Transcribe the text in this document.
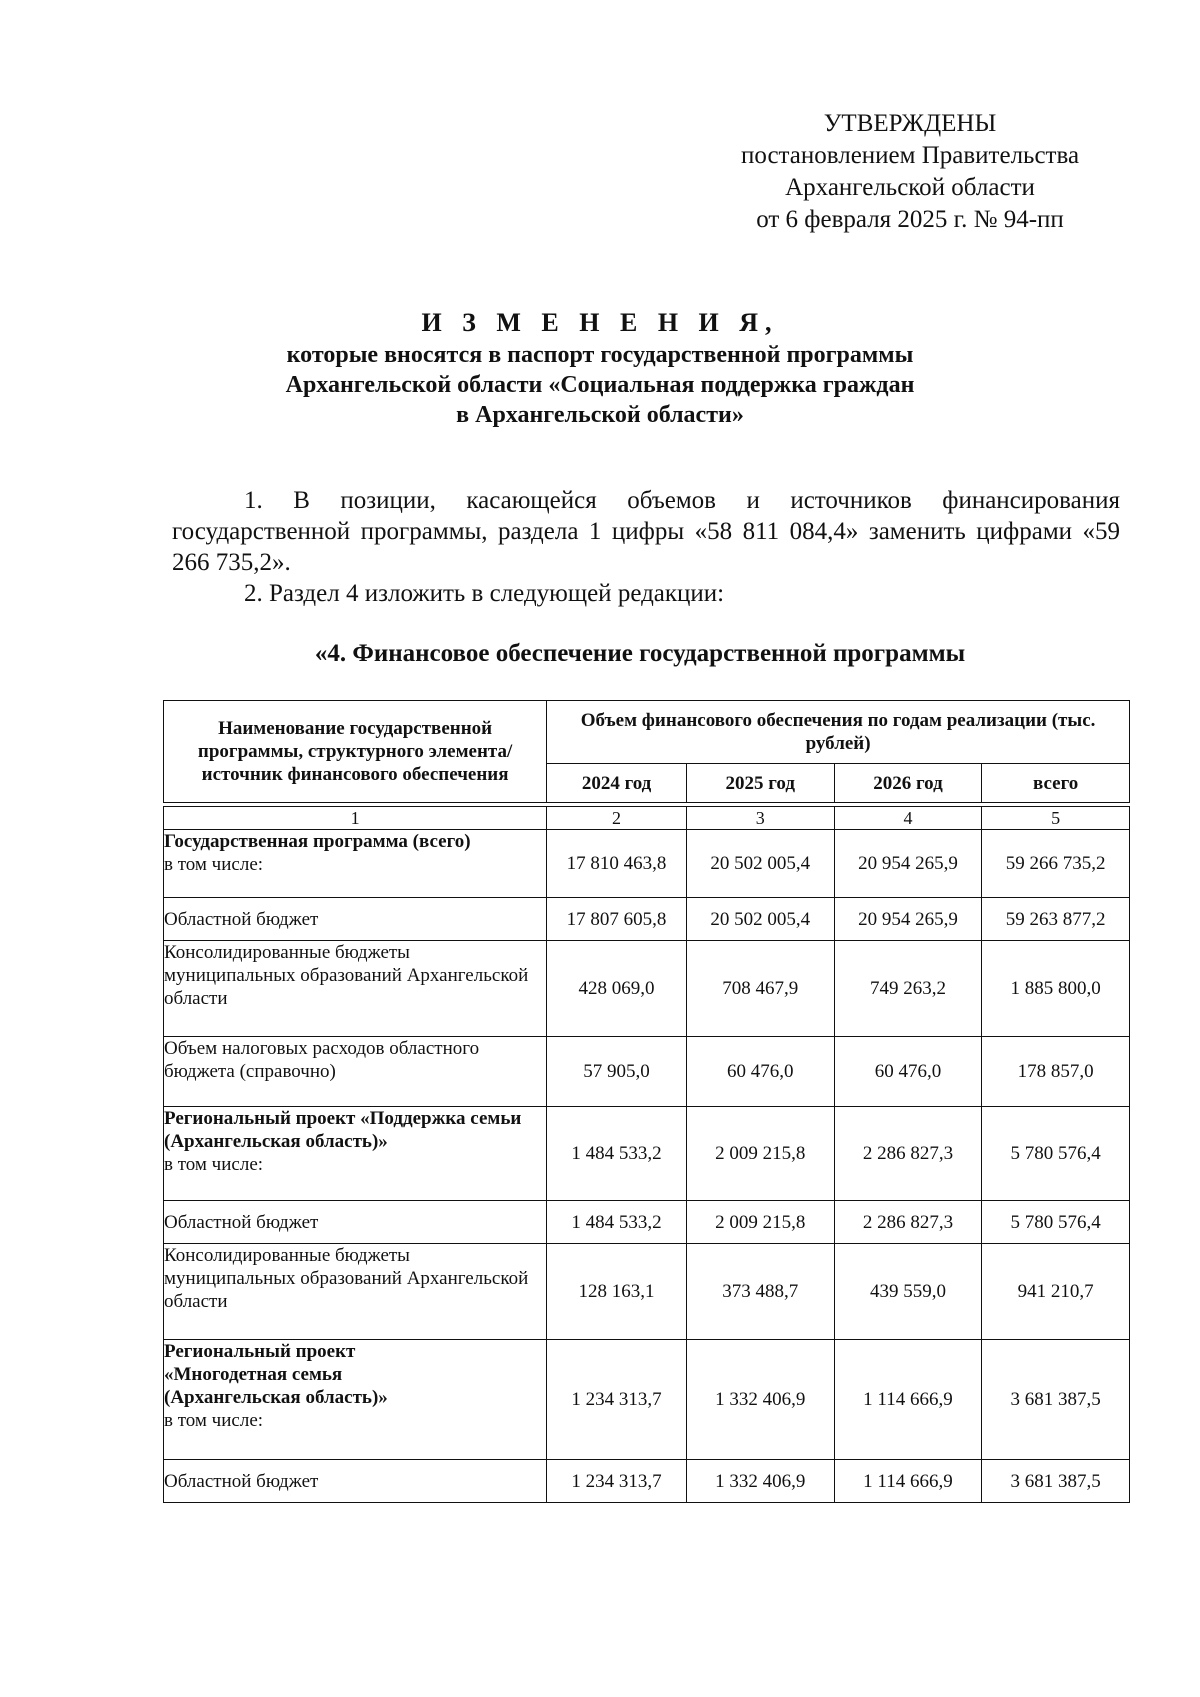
УТВЕРЖДЕНЫ
постановлением Правительства
Архангельской области
от 6 февраля 2025 г. № 94-пп
И З М Е Н Е Н И Я,
которые вносятся в паспорт государственной программы
Архангельской области «Социальная поддержка граждан
в Архангельской области»

1. В позиции, касающейся объемов и источников финансирования государственной программы, раздела 1 цифры «58 811 084,4» заменить цифрами «59 266 735,2».

2. Раздел 4 изложить в следующей редакции:

«4. Финансовое обеспечение государственной программы
Наименование государственной программы, структурного элемента/источник финансового обеспечения	Объем финансового обеспечения по годам реализации (тыс. рублей)			
	2024 год	2025 год	2026 год	всего

1	2	3	4	5

Государственная программа (всего)
в том числе:	17 810 463,8	20 502 005,4	20 954 265,9	59 266 735,2
Областной бюджет	17 807 605,8	20 502 005,4	20 954 265,9	59 263 877,2
Консолидированные бюджеты муниципальных образований Архангельской области	428 069,0	708 467,9	749 263,2	1 885 800,0
Объем налоговых расходов областного бюджета (справочно)	57 905,0	60 476,0	60 476,0	178 857,0

Региональный проект «Поддержка семьи (Архангельская область)»
в том числе:	1 484 533,2	2 009 215,8	2 286 827,3	5 780 576,4
Областной бюджет	1 484 533,2	2 009 215,8	2 286 827,3	5 780 576,4
Консолидированные бюджеты муниципальных образований Архангельской области	128 163,1	373 488,7	439 559,0	941 210,7

Региональный проект «Многодетная семья (Архангельская область)»
в том числе:	1 234 313,7	1 332 406,9	1 114 666,9	3 681 387,5
Областной бюджет	1 234 313,7	1 332 406,9	1 114 666,9	3 681 387,5
